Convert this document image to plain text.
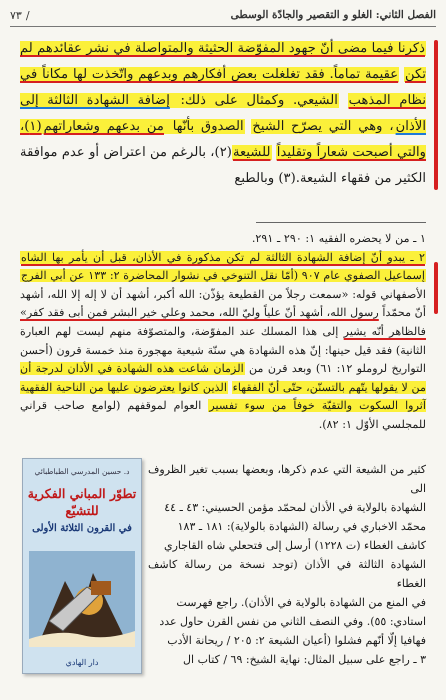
الفصل الثاني: الغلو و التقصير والجادّة الوسطى
/
٧٣
ذكرنا فيما مضى أنّ جهود المفوّضة الحثيثة والمتواصلة في نشر عقائدهم لم تكن عقيمة تماماً. فقد تغلغلت بعض أفكارهم وبدعهم واتّخذت لها مكاناً في نظام المذهب الشيعي. وكمثال على ذلك: إضافة الشهادة الثالثة إلى الأذان، وهي التي يصرّح الشيخ الصدوق بأنّها من بدعهم وشعاراتهم(١)، والتي أصبحت شعاراً وتقليداً للشيعة(٢)، بالرغم من اعتراض أو عدم موافقة الكثير من فقهاء الشيعة.(٣) وبالطبع

١ ـ من لا يحضره الفقيه ١: ٢٩٠ ـ ٢٩١.

٢ ـ يبدو أنّ إضافة الشهادة الثالثة لم تكن مذكورة في الأذان، قبل أن يأمر بها الشاه إسماعيل الصفوي عام ٩٠٧ (أمّا نقل التنوخي في نشوار المحاضرة ٢: ١٣٣ عن أبي الفرج الأصفهاني قوله: «سمعت رجلاً من القطيعة يؤذّن: الله أكبر، أشهد أن لا إله إلا الله، أشهد أنّ محمّداً رسول الله، أشهد أنّ علياً وليّ الله، محمد وعلي خير البشر فمن أبى فقد كفر» فالظاهر أنّه يشير إلى هذا المسلك عند المفوّضة، والمتصوّفة منهم ليست لهم العبارة الثانية) فقد قيل حينها: إنّ هذه الشهادة هي سنّة شيعية مهجورة منذ خمسة قرون (أحسن التواريخ لروملو ١٢: ٦١) وبعد قرن من الزمان شاعت هذه الشهادة في الأذان لدرجة أن من لا يقولها يتّهم بالتسنّن، حتّى أنّ الفقهاء الذين كانوا يعترضون عليها من الناحية الفقهية آثروا السكوت والتقيّة خوفاً من سوء تفسير العوام لموقفهم (لوامع صاحب قراني للمجلسي الأوّل ١: ٨٢).

كثير من الشيعة التي عدم ذكرها، وبعضها بسبب تغير الظروف الى

الشهادة بالولاية في الأذان لمحمّد مؤمن الحسيني: ٤٣ ـ ٤٤

محمّد الاخباري في رسالة (الشهادة بالولاية): ١٨١ ـ ١٨٣

كاشف الغطاء (ت ١٢٢٨) أرسل إلى فتحعلي شاه القاجاري

الشهادة الثالثة في الأذان (توجد نسخة من رسالة كاشف الغطاء

في المنع من الشهادة بالولاية في الأذان). راجع فهرست

استادي: ٥٥). وفي النصف الثاني من نفس القرن حاول عدد

فهافيا إلّا أنّهم فشلوا (أعيان الشيعة ٢: ٢٠٥ / ريحانة الأدب

٣ ـ راجع على سبيل المثال: نهاية الشيخ: ٦٩ / كتاب ال

د. حسين المدرسي الطباطبائي
تطوّر المباني الفكرية
للتشيّع
في القرون الثلاثة الأولى
دار الهادي
